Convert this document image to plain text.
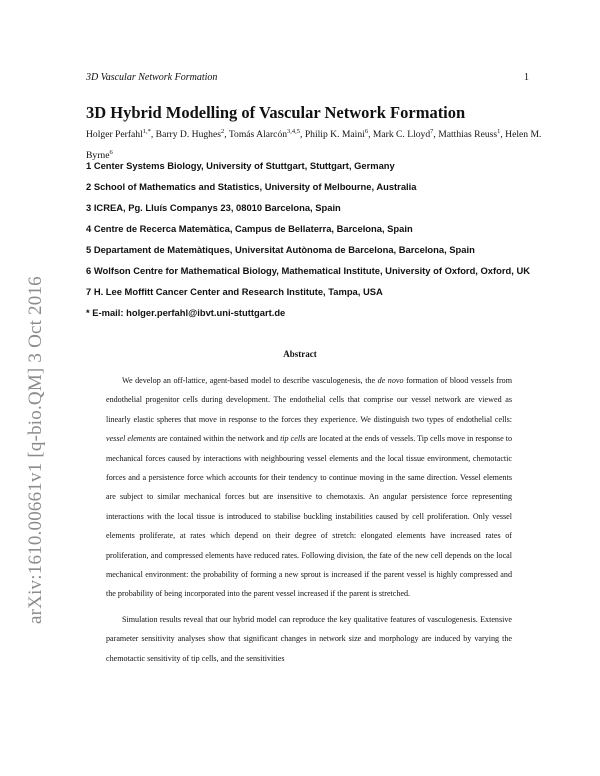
3D Vascular Network Formation	1
arXiv:1610.00661v1 [q-bio.QM] 3 Oct 2016
3D Hybrid Modelling of Vascular Network Formation
Holger Perfahl$^{1,*}$, Barry D. Hughes$^2$, Tomás Alarcón$^{3,4,5}$, Philip K. Maini$^6$, Mark C. Lloyd$^7$, Matthias Reuss$^1$, Helen M. Byrne$^6$
1 Center Systems Biology, University of Stuttgart, Stuttgart, Germany
2 School of Mathematics and Statistics, University of Melbourne, Australia
3 ICREA, Pg. Lluís Companys 23, 08010 Barcelona, Spain
4 Centre de Recerca Matemàtica, Campus de Bellaterra, Barcelona, Spain
5 Departament de Matemàtiques, Universitat Autònoma de Barcelona, Barcelona, Spain
6 Wolfson Centre for Mathematical Biology, Mathematical Institute, University of Oxford, Oxford, UK
7 H. Lee Moffitt Cancer Center and Research Institute, Tampa, USA
* E-mail: holger.perfahl@ibvt.uni-stuttgart.de
Abstract

We develop an off-lattice, agent-based model to describe vasculogenesis, the de novo formation of blood vessels from endothelial progenitor cells during development. The endothelial cells that comprise our vessel network are viewed as linearly elastic spheres that move in response to the forces they experience. We distinguish two types of endothelial cells: vessel elements are contained within the network and tip cells are located at the ends of vessels. Tip cells move in response to mechanical forces caused by interactions with neighbouring vessel elements and the local tissue environment, chemotactic forces and a persistence force which accounts for their tendency to continue moving in the same direction. Vessel elements are subject to similar mechanical forces but are insensitive to chemotaxis. An angular persistence force representing interactions with the local tissue is introduced to stabilise buckling instabilities caused by cell proliferation. Only vessel elements proliferate, at rates which depend on their degree of stretch: elongated elements have increased rates of proliferation, and compressed elements have reduced rates. Following division, the fate of the new cell depends on the local mechanical environment: the probability of forming a new sprout is increased if the parent vessel is highly compressed and the probability of being incorporated into the parent vessel increased if the parent is stretched.

Simulation results reveal that our hybrid model can reproduce the key qualitative features of vasculogenesis. Extensive parameter sensitivity analyses show that significant changes in network size and morphology are induced by varying the chemotactic sensitivity of tip cells, and the sensitivities
